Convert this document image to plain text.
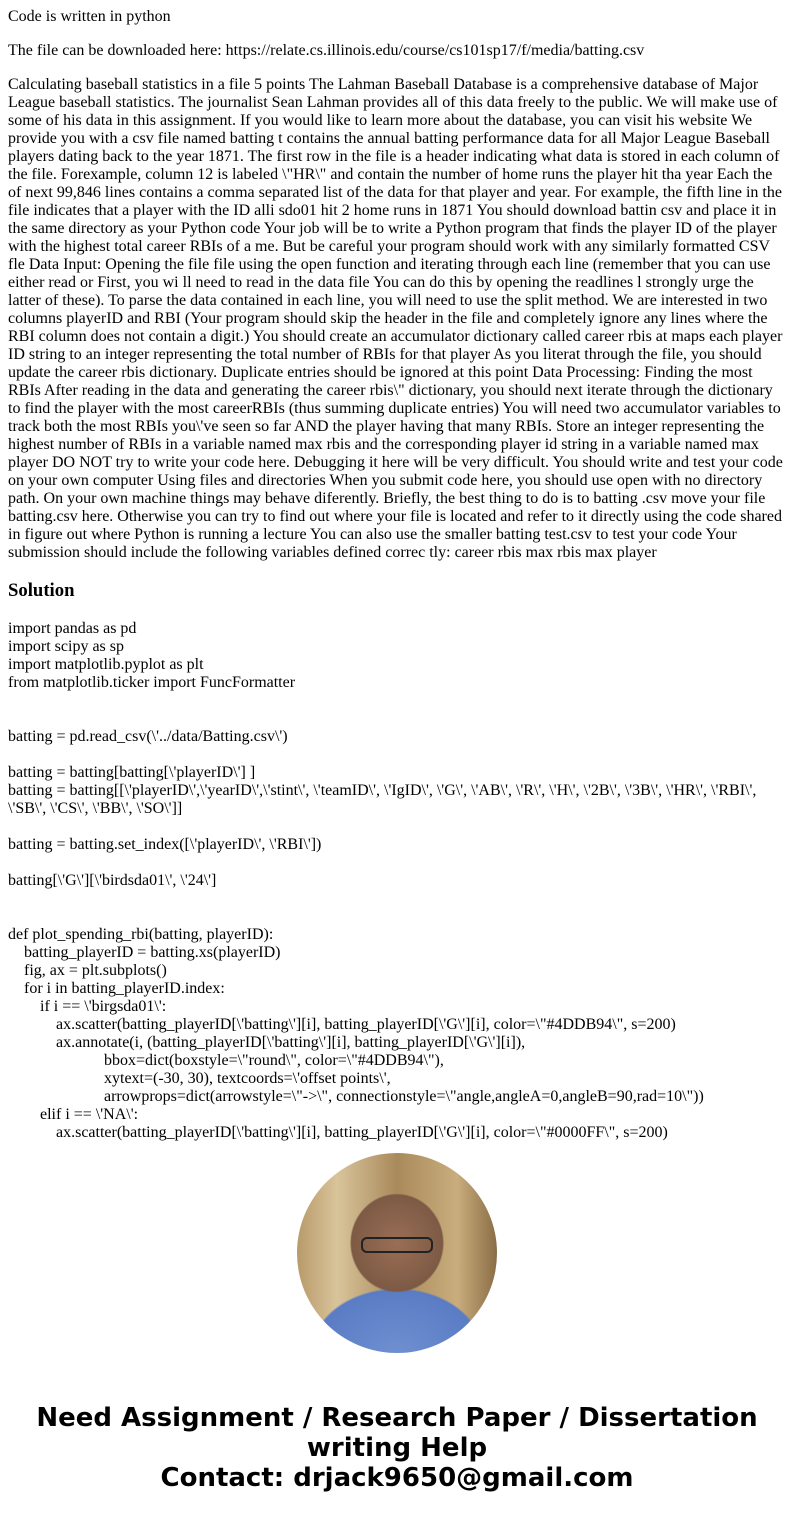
Code is written in python

The file can be downloaded here: https://relate.cs.illinois.edu/course/cs101sp17/f/media/batting.csv

Calculating baseball statistics in a file 5 points The Lahman Baseball Database is a comprehensive database of Major League baseball statistics. The journalist Sean Lahman provides all of this data freely to the public. We will make use of some of his data in this assignment. If you would like to learn more about the database, you can visit his website We provide you with a csv file named batting t contains the annual batting performance data for all Major League Baseball players dating back to the year 1871. The first row in the file is a header indicating what data is stored in each column of the file. Forexample, column 12 is labeled \"HR\" and contain the number of home runs the player hit tha year Each the of next 99,846 lines contains a comma separated list of the data for that player and year. For example, the fifth line in the file indicates that a player with the ID alli sdo01 hit 2 home runs in 1871 You should download battin csv and place it in the same directory as your Python code Your job will be to write a Python program that finds the player ID of the player with the highest total career RBIs of a me. But be careful your program should work with any similarly formatted CSV fle Data Input: Opening the file file using the open function and iterating through each line (remember that you can use either read or First, you wi ll need to read in the data file You can do this by opening the readlines l strongly urge the latter of these). To parse the data contained in each line, you will need to use the split method. We are interested in two columns playerID and RBI (Your program should skip the header in the file and completely ignore any lines where the RBI column does not contain a digit.) You should create an accumulator dictionary called career rbis at maps each player ID string to an integer representing the total number of RBIs for that player As you literat through the file, you should update the career rbis dictionary. Duplicate entries should be ignored at this point Data Processing: Finding the most RBIs After reading in the data and generating the career rbis\" dictionary, you should next iterate through the dictionary to find the player with the most careerRBIs (thus summing duplicate entries) You will need two accumulator variables to track both the most RBIs you\'ve seen so far AND the player having that many RBIs. Store an integer representing the highest number of RBIs in a variable named max rbis and the corresponding player id string in a variable named max player DO NOT try to write your code here. Debugging it here will be very difficult. You should write and test your code on your own computer Using files and directories When you submit code here, you should use open with no directory path. On your own machine things may behave diferently. Briefly, the best thing to do is to batting .csv move your file batting.csv here. Otherwise you can try to find out where your file is located and refer to it directly using the code shared in figure out where Python is running a lecture You can also use the smaller batting test.csv to test your code Your submission should include the following variables defined correc tly: career rbis max rbis max player

Solution
import pandas as pd
import scipy as sp
import matplotlib.pyplot as plt
from matplotlib.ticker import FuncFormatter
batting = pd.read_csv(\'../data/Batting.csv\')
batting = batting[batting[\'playerID\'] ]
batting = batting[[\'playerID\',\'yearID\',\'stint\', \'teamID\', \'IgID\', \'G\', \'AB\', \'R\', \'H\', \'2B\', \'3B\', \'HR\', \'RBI\', \'SB\', \'CS\', \'BB\', \'SO\']]
batting = batting.set_index([\'playerID\', \'RBI\'])
batting[\'G\'][\'birdsda01\', \'24\']
def plot_spending_rbi(batting, playerID):
batting_playerID = batting.xs(playerID)
fig, ax = plt.subplots()
for i in batting_playerID.index:
if i == \'birgsda01\':
ax.scatter(batting_playerID[\'batting\'][i], batting_playerID[\'G\'][i], color=\"#4DDB94\", s=200)
ax.annotate(i, (batting_playerID[\'batting\'][i], batting_playerID[\'G\'][i]),
bbox=dict(boxstyle=\"round\", color=\"#4DDB94\"),
xytext=(-30, 30), textcoords=\'offset points\',
arrowprops=dict(arrowstyle=\"->\", connectionstyle=\"angle,angleA=0,angleB=90,rad=10\"))
elif i == \'NA\':
ax.scatter(batting_playerID[\'batting\'][i], batting_playerID[\'G\'][i], color=\"#0000FF\", s=200)
Need Assignment / Research Paper / Dissertation
writing Help
Contact: drjack9650@gmail.com
